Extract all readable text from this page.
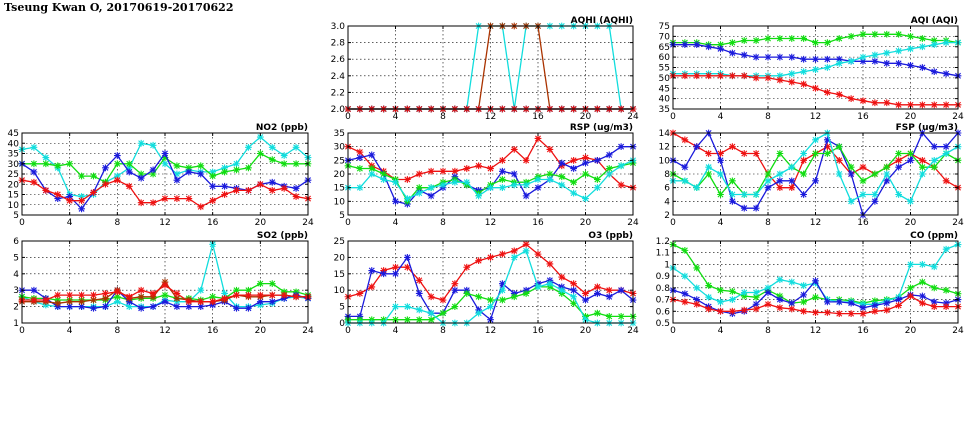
Tseung Kwan O, 20170619-20170622
0	4	8	12	16	20	24
2.0
2.2
2.4
2.6
2.8
3.0
AQHI (AQHI)
0	4	8	12	16	20	24
35
40
45
50
55
60
65
70
75
AQI (AQI)
0	4	8	12	16	20	24
5
10
15
20
25
30
35
40
45
NO2 (ppb)
0	4	8	12	16	20	24
5
10
15
20
25
30
35
RSP (ug/m3)
0	4	8	12	16	20	24
2
4
6
8
10
12
14
FSP (ug/m3)
0	4	8	12	16	20	24
1
2
3
4
5
6
SO2 (ppb)
0	4	8	12	16	20	24
0
5
10
15
20
25
O3 (ppb)
0	4	8	12	16	20	24
0.5
0.6
0.7
0.8
0.9
1
1.1
1.2
CO (ppm)
